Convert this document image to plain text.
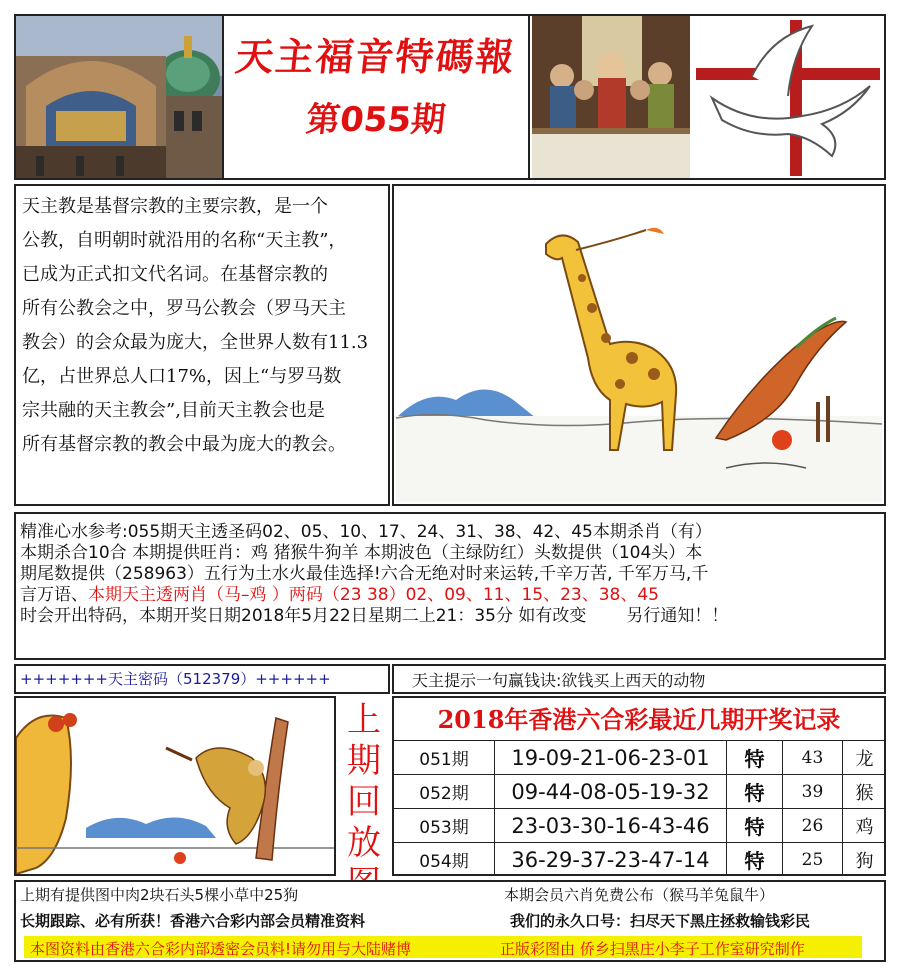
天主福音特碼報
第055期

天主教是基督宗教的主要宗教，是一个

公教，自明朝时就沿用的名称“天主教”，

已成为正式扣文代名词。在基督宗教的

所有公教会之中，罗马公教会（罗马天主

教会）的会众最为庞大，全世界人数有11.3

亿，占世界总人口17%，因上“与罗马数

宗共融的天主教会”,目前天主教会也是

所有基督宗教的教会中最为庞大的教会。

精准心水参考:055期天主透圣码02、05、10、17、24、31、38、42、45本期杀肖（有）
本期杀合10合 本期提供旺肖：鸡 猪猴牛狗羊 本期波色（主绿防红）头数提供（104头）本
期尾数提供（258963）五行为土水火最佳选择!六合无绝对时来运转,千辛万苦, 千军万马,千
言万语、本期天主透两肖（马–鸡 ）两码（23 38）02、09、11、15、23、38、45
时会开出特码，本期开奖日期2018年5月22日星期二上21：35分 如有改变 另行通知！！
+++++++天主密码（512379）++++++	天主提示一句赢钱诀:欲钱买上西天的动物
上
期
回
放
2018年香港六合彩最近几期开奖记录
051期	19-09-21-06-23-01	特	43	龙
052期	09-44-08-05-19-32	特	39	猴
053期	23-03-30-16-43-46	特	26	鸡
054期	36-29-37-23-47-14	特	25	狗
上期有提供图中肉2块石头5棵小草中25狗	本期会员六肖免费公布（猴马羊兔鼠牛）
长期跟踪、必有所获！香港六合彩内部会员精准资料	我们的永久口号：扫尽天下黑庄拯救输钱彩民
本图资料由香港六合彩内部透密会员料!请勿用与大陆赌博	正版彩图由 侨乡扫黑庄小李子工作室研究制作
